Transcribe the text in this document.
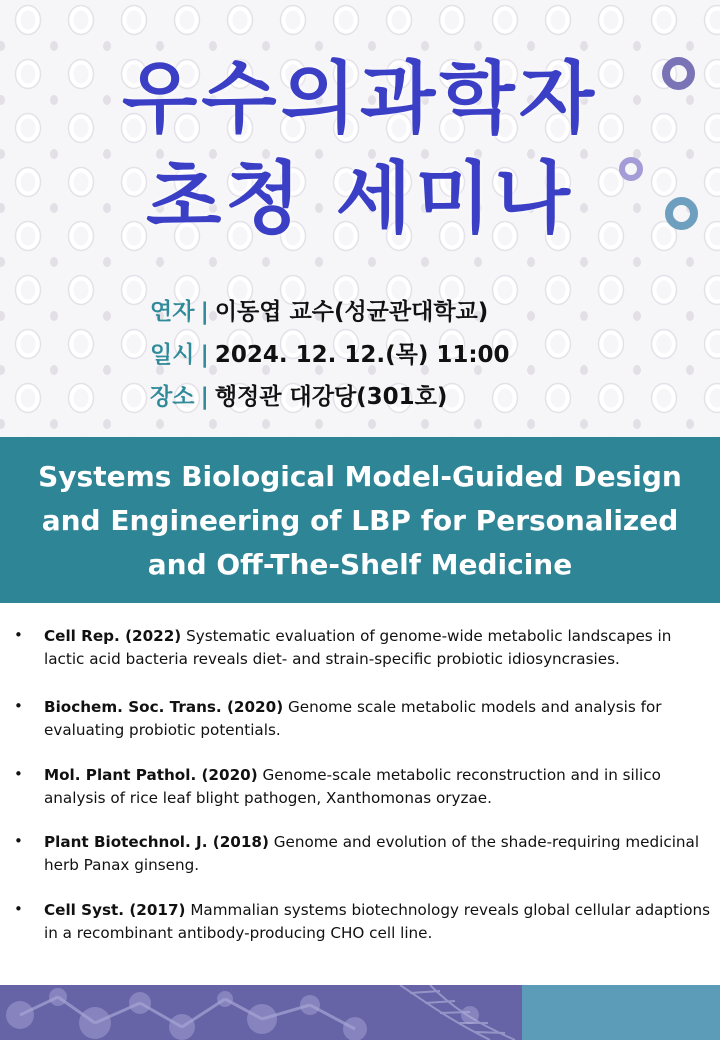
우수의과학자
초청 세미나
연자 | 이동엽 교수(성균관대학교)
일시 | 2024. 12. 12.(목) 11:00
장소 | 행정관 대강당(301호)
Systems Biological Model-Guided Design and Engineering of LBP for Personalized and Off-The-Shelf Medicine
• Cell Rep. (2022) Systematic evaluation of genome-wide metabolic landscapes in lactic acid bacteria reveals diet- and strain-specific probiotic idiosyncrasies.
• Biochem. Soc. Trans. (2020) Genome scale metabolic models and analysis for evaluating probiotic potentials.
• Mol. Plant Pathol. (2020) Genome-scale metabolic reconstruction and in silico analysis of rice leaf blight pathogen, Xanthomonas oryzae.
• Plant Biotechnol. J. (2018) Genome and evolution of the shade-requiring medicinal herb Panax ginseng.
• Cell Syst. (2017) Mammalian systems biotechnology reveals global cellular adaptions in a recombinant antibody-producing CHO cell line.
